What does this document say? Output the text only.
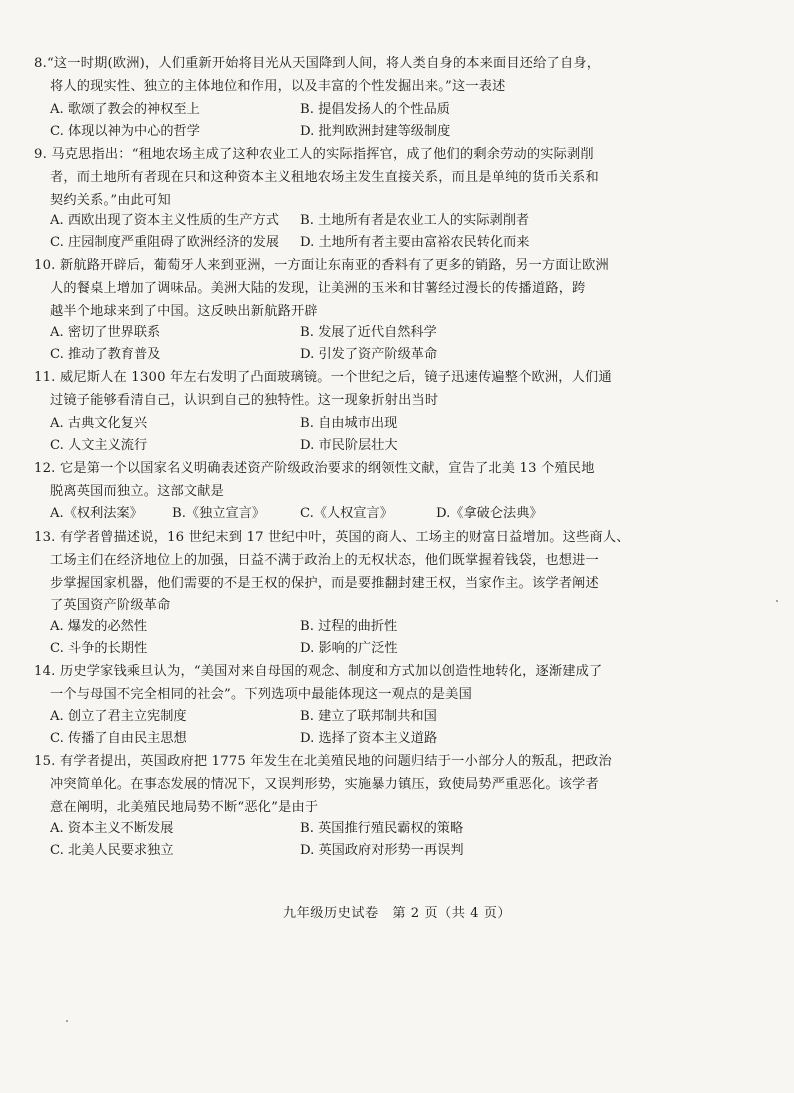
8.“这一时期(欧洲)，人们重新开始将目光从天国降到人间，将人类自身的本来面目还给了自身，
将人的现实性、独立的主体地位和作用，以及丰富的个性发掘出来。”这一表述
A. 歌颂了教会的神权至上	B. 提倡发扬人的个性品质
C. 体现以神为中心的哲学	D. 批判欧洲封建等级制度
9. 马克思指出：“租地农场主成了这种农业工人的实际指挥官，成了他们的剩余劳动的实际剥削
者，而土地所有者现在只和这种资本主义租地农场主发生直接关系，而且是单纯的货币关系和
契约关系。”由此可知
A. 西欧出现了资本主义性质的生产方式 B. 土地所有者是农业工人的实际剥削者
C. 庄园制度严重阻碍了欧洲经济的发展 D. 土地所有者主要由富裕农民转化而来
10. 新航路开辟后，葡萄牙人来到亚洲，一方面让东南亚的香料有了更多的销路，另一方面让欧洲
人的餐桌上增加了调味品。美洲大陆的发现，让美洲的玉米和甘薯经过漫长的传播道路，跨
越半个地球来到了中国。这反映出新航路开辟
A. 密切了世界联系	B. 发展了近代自然科学
C. 推动了教育普及	D. 引发了资产阶级革命
11. 威尼斯人在 1300 年左右发明了凸面玻璃镜。一个世纪之后，镜子迅速传遍整个欧洲，人们通
过镜子能够看清自己，认识到自己的独特性。这一现象折射出当时
A. 古典文化复兴	B. 自由城市出现
C. 人文主义流行	D. 市民阶层壮大
12. 它是第一个以国家名义明确表述资产阶级政治要求的纲领性文献，宣告了北美 13 个殖民地
脱离英国而独立。这部文献是
A.《权利法案》 B.《独立宣言》	C.《人权宣言》	D.《拿破仑法典》
13. 有学者曾描述说，16 世纪末到 17 世纪中叶，英国的商人、工场主的财富日益增加。这些商人、
工场主们在经济地位上的加强，日益不满于政治上的无权状态，他们既掌握着钱袋，也想进一
步掌握国家机器，他们需要的不是王权的保护，而是要推翻封建王权，当家作主。该学者阐述
了英国资产阶级革命
A. 爆发的必然性	B. 过程的曲折性
C. 斗争的长期性	D. 影响的广泛性
14. 历史学家钱乘旦认为，“美国对来自母国的观念、制度和方式加以创造性地转化，逐渐建成了
一个与母国不完全相同的社会”。下列选项中最能体现这一观点的是美国
A. 创立了君主立宪制度	B. 建立了联邦制共和国
C. 传播了自由民主思想	D. 选择了资本主义道路
15. 有学者提出，英国政府把 1775 年发生在北美殖民地的问题归结于一小部分人的叛乱，把政治
冲突简单化。在事态发展的情况下，又误判形势，实施暴力镇压，致使局势严重恶化。该学者
意在阐明，北美殖民地局势不断“恶化”是由于
A. 资本主义不断发展	B. 英国推行殖民霸权的策略
C. 北美人民要求独立	D. 英国政府对形势一再误判
九年级历史试卷　第 2 页（共 4 页）
